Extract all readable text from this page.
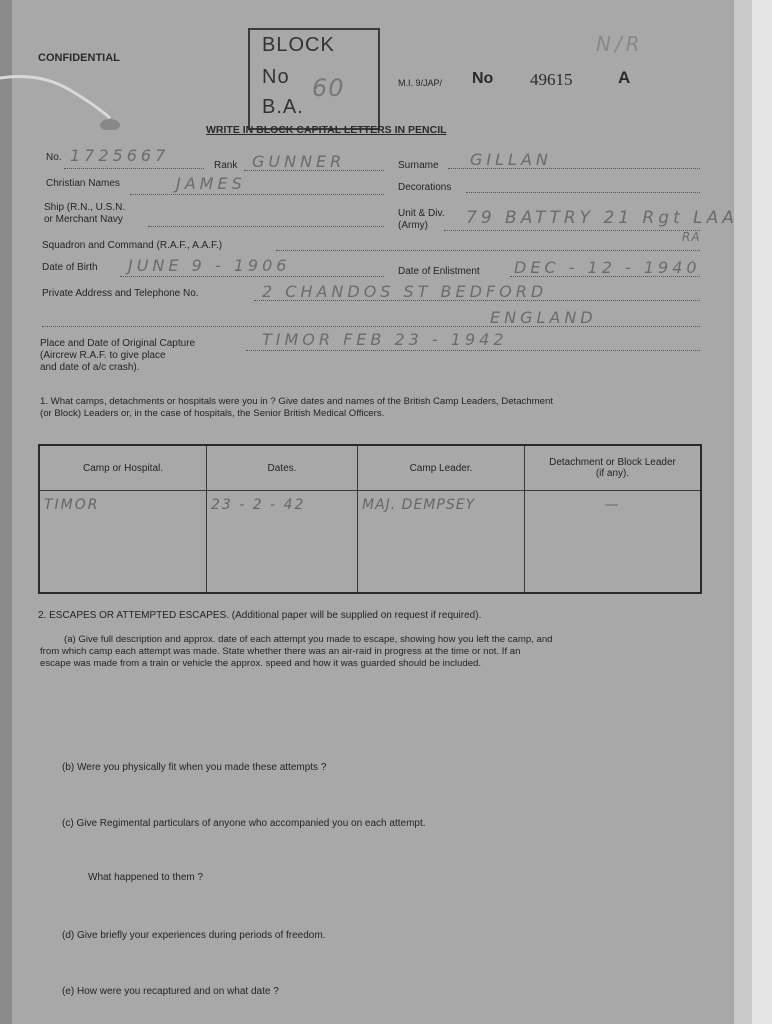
CONFIDENTIAL
BLOCK
No
B.A.
60	M.I. 9/JAP/ No 49615	A
N/R
WRITE IN BLOCK CAPITAL LETTERS IN PENCIL
No. 1725667
Rank GUNNER	Surname GILLAN
Christian Names	JAMES	Decorations
Ship (R.N., U.S.N.
or Merchant Navy
Unit & Div.
(Army) 79 BATTRY 21 Rgt LAA
RA
Squadron and Command (R.A.F., A.A.F.)
Date of Birth JUNE 9 - 1906	Date of Enlistment DEC - 12 - 1940
Private Address and Telephone No.	2 CHANDOS ST BEDFORD
ENGLAND
Place and Date of Original Capture
(Aircrew R.A.F. to give place
and date of a/c crash).
TIMOR FEB 23 - 1942
1. What camps, detachments or hospitals were you in ? Give dates and names of the British Camp Leaders, Detachment
(or Block) Leaders or, in the case of hospitals, the Senior British Medical Officers.
Camp or Hospital.	Dates.	Camp Leader.	Detachment or Block Leader (if any).
TIMOR	23 - 2 - 42	MAJ. DEMPSEY	—
2. ESCAPES OR ATTEMPTED ESCAPES. (Additional paper will be supplied on request if required).
(a) Give full description and approx. date of each attempt you made to escape, showing how you left the camp, and
from which camp each attempt was made. State whether there was an air-raid in progress at the time or not. If an
escape was made from a train or vehicle the approx. speed and how it was guarded should be included.
(b) Were you physically fit when you made these attempts ?
(c) Give Regimental particulars of anyone who accompanied you on each attempt.
What happened to them ?
(d) Give briefly your experiences during periods of freedom.
(e) How were you recaptured and on what date ?
